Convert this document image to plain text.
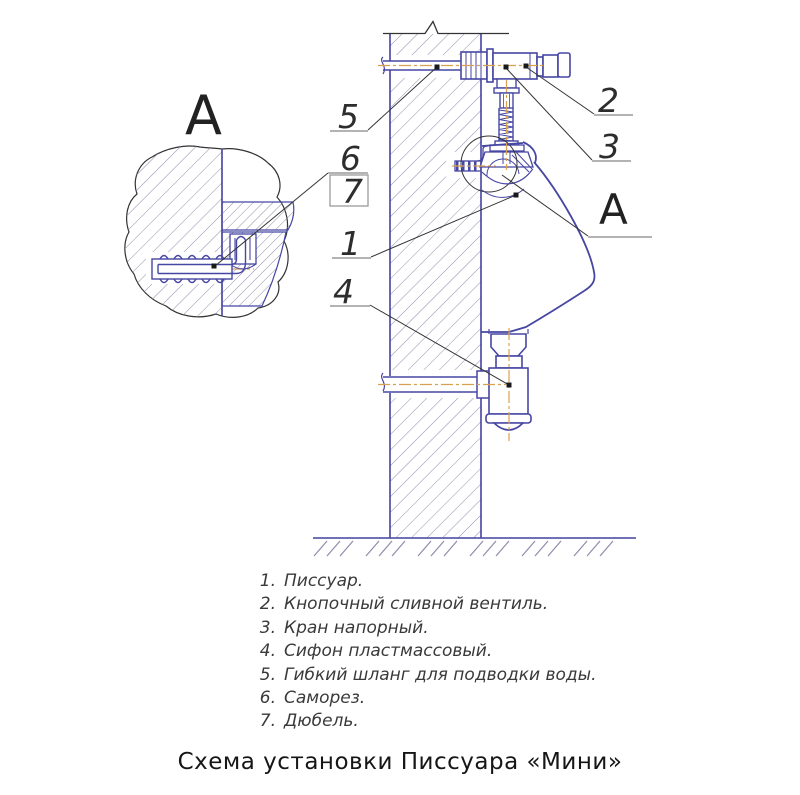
5
6
7
1
4
2
3
А
А
1. Писсуар.
2. Кнопочный сливной вентиль.
3. Кран напорный.
4. Сифон пластмассовый.
5. Гибкий шланг для подводки воды.
6. Саморез.
7. Дюбель.
Схема установки Писсуара «Мини»
